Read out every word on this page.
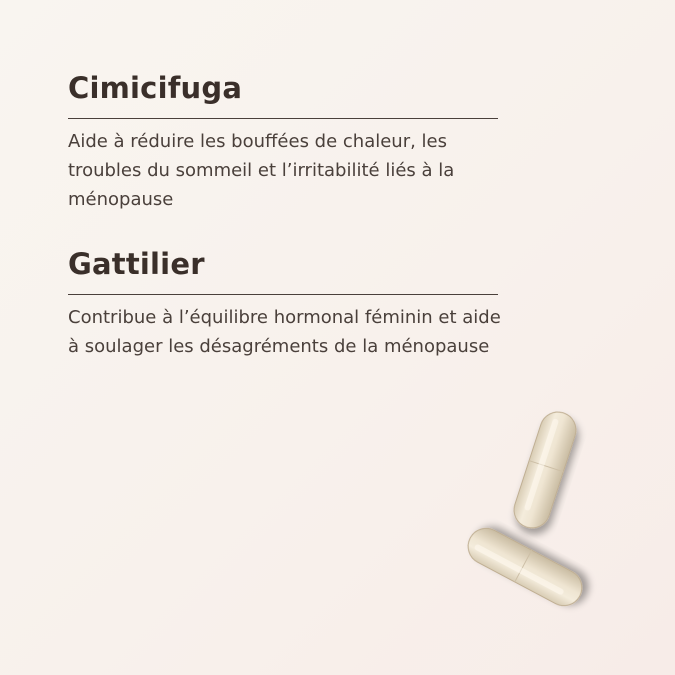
Cimicifuga

Aide à réduire les bouffées de chaleur, les troubles du sommeil et l’irritabilité liés à la ménopause

Gattilier

Contribue à l’équilibre hormonal féminin et aide à soulager les désagréments de la ménopause
